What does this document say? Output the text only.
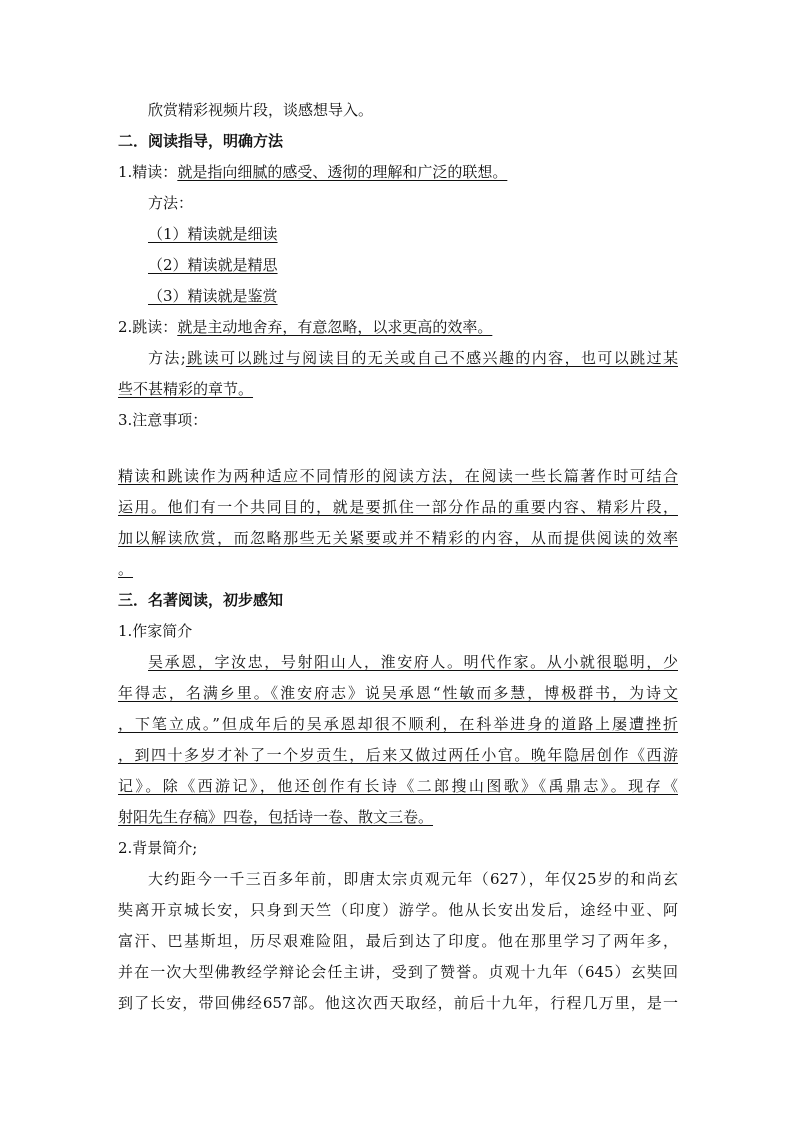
欣赏精彩视频片段，谈感想导入。
二．阅读指导，明确方法
1.精读：就是指向细腻的感受、透彻的理解和广泛的联想。
方法：
（1）精读就是细读
（2）精读就是精思
（3）精读就是鉴赏
2.跳读：就是主动地舍弃，有意忽略，以求更高的效率。
方法;跳读可以跳过与阅读目的无关或自己不感兴趣的内容，也可以跳过某
些不甚精彩的章节。
3.注意事项：
精读和跳读作为两种适应不同情形的阅读方法，在阅读一些长篇著作时可结合
运用。他们有一个共同目的，就是要抓住一部分作品的重要内容、精彩片段，
加以解读欣赏，而忽略那些无关紧要或并不精彩的内容，从而提供阅读的效率
。
三．名著阅读，初步感知
1.作家简介
吴承恩，字汝忠，号射阳山人，淮安府人。明代作家。从小就很聪明，少
年得志，名满乡里。《淮安府志》说吴承恩“性敏而多慧，博极群书，为诗文
，下笔立成。”但成年后的吴承恩却很不顺利，在科举进身的道路上屡遭挫折
，到四十多岁才补了一个岁贡生，后来又做过两任小官。晚年隐居创作《西游
记》。除《西游记》，他还创作有长诗《二郎搜山图歌》《禹鼎志》。现存《
射阳先生存稿》四卷，包括诗一卷、散文三卷。
2.背景简介;
大约距今一千三百多年前，即唐太宗贞观元年（627），年仅25岁的和尚玄
奘离开京城长安，只身到天竺（印度）游学。他从长安出发后，途经中亚、阿
富汗、巴基斯坦，历尽艰难险阻，最后到达了印度。他在那里学习了两年多，
并在一次大型佛教经学辩论会任主讲，受到了赞誉。贞观十九年（645）玄奘回
到了长安，带回佛经657部。他这次西天取经，前后十九年，行程几万里，是一
